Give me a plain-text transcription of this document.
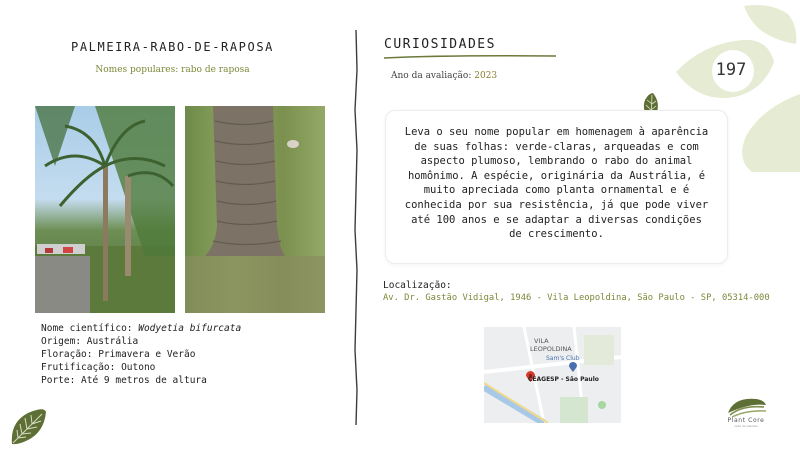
PALMEIRA-RABO-DE-RAPOSA
Nomes populares: rabo de raposa
Nome científico: Wodyetia bifurcata
Origem: Austrália
Floração: Primavera e Verão
Frutificação: Outono
Porte: Até 9 metros de altura
CURIOSIDADES
Ano da avaliação: 2023

Leva o seu nome popular em homenagem à aparência de suas folhas: verde-claras, arqueadas e com aspecto plumoso, lembrando o rabo do animal homônimo. A espécie, originária da Austrália, é muito apreciada como planta ornamental e é conhecida por sua resistência, já que pode viver até 100 anos e se adaptar a diversas condições de crescimento.

Localização:
Av. Dr. Gastão Vidigal, 1946 - Vila Leopoldina, São Paulo - SP, 05314-000
VILA
LEOPOLDINA
Sam's Club
CEAGESP - São Paulo
197
Plant Core
rede de plantas
